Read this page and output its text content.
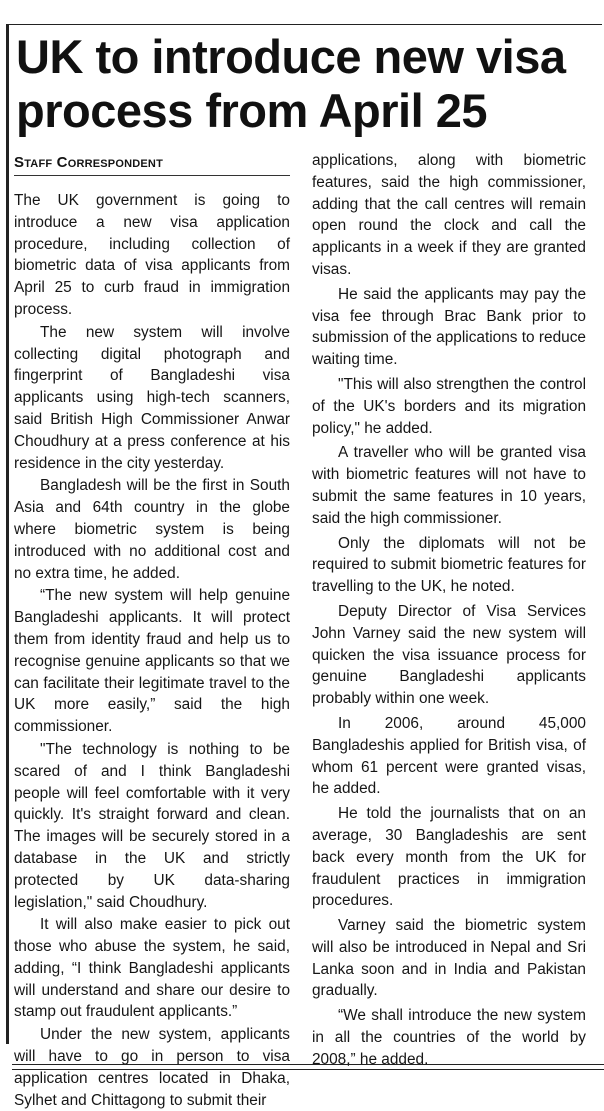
UK to introduce new visa process from April 25
Staff Correspondent

The UK government is going to introduce a new visa application procedure, including collection of biometric data of visa applicants from April 25 to curb fraud in immigration process.

The new system will involve collecting digital photograph and fingerprint of Bangladeshi visa applicants using high-tech scanners, said British High Commissioner Anwar Choudhury at a press conference at his residence in the city yesterday.

Bangladesh will be the first in South Asia and 64th country in the globe where biometric system is being introduced with no additional cost and no extra time, he added.

“The new system will help genuine Bangladeshi applicants. It will protect them from identity fraud and help us to recognise genuine applicants so that we can facilitate their legitimate travel to the UK more easily,” said the high commissioner.

"The technology is nothing to be scared of and I think Bangladeshi people will feel comfortable with it very quickly. It's straight forward and clean. The images will be securely stored in a database in the UK and strictly protected by UK data-sharing legislation," said Choudhury.

It will also make easier to pick out those who abuse the system, he said, adding, “I think Bangladeshi applicants will understand and share our desire to stamp out fraudulent applicants.”

Under the new system, applicants will have to go in person to visa application centres located in Dhaka, Sylhet and Chittagong to submit their

applications, along with biometric features, said the high commissioner, adding that the call centres will remain open round the clock and call the applicants in a week if they are granted visas.

He said the applicants may pay the visa fee through Brac Bank prior to submission of the applications to reduce waiting time.

"This will also strengthen the control of the UK's borders and its migration policy," he added.

A traveller who will be granted visa with biometric features will not have to submit the same features in 10 years, said the high commissioner.

Only the diplomats will not be required to submit biometric features for travelling to the UK, he noted.

Deputy Director of Visa Services John Varney said the new system will quicken the visa issuance process for genuine Bangladeshi applicants probably within one week.

In 2006, around 45,000 Bangladeshis applied for British visa, of whom 61 percent were granted visas, he added.

He told the journalists that on an average, 30 Bangladeshis are sent back every month from the UK for fraudulent practices in immigration procedures.

Varney said the biometric system will also be introduced in Nepal and Sri Lanka soon and in India and Pakistan gradually.

“We shall introduce the new system in all the countries of the world by 2008,” he added.
